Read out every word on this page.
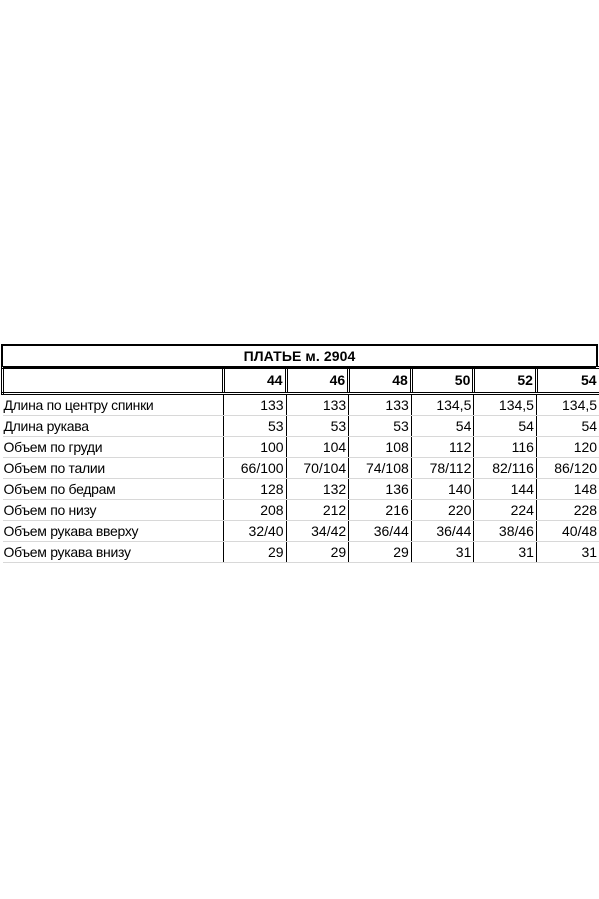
ПЛАТЬЕ м. 2904
	44	46	48	50	52	54
Длина по центру спинки	133	133	133	134,5	134,5	134,5
Длина рукава	53	53	53	54	54	54
Объем по груди	100	104	108	112	116	120
Объем по талии	66/100	70/104	74/108	78/112	82/116	86/120
Объем по бедрам	128	132	136	140	144	148
Объем по низу	208	212	216	220	224	228
Объем рукава вверху	32/40	34/42	36/44	36/44	38/46	40/48
Объем рукава внизу	29	29	29	31	31	31
